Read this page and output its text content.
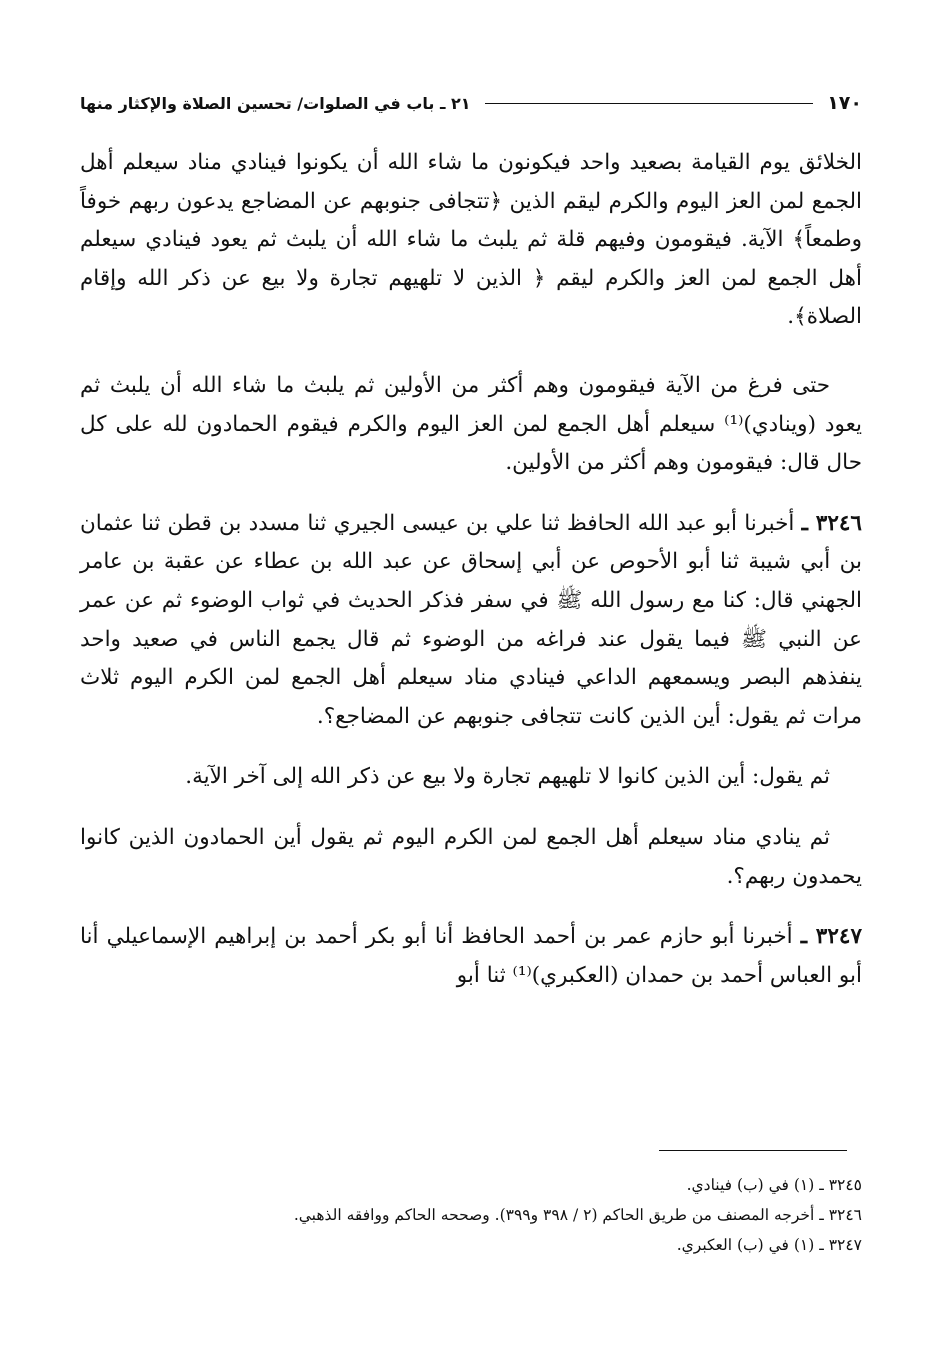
١٧٠
٢١ ـ باب في الصلوات/ تحسين الصلاة والإكثار منها

الخلائق يوم القيامة بصعيد واحد فيكونون ما شاء الله أن يكونوا فينادي مناد سيعلم أهل الجمع لمن العز اليوم والكرم ليقم الذين ﴿تتجافى جنوبهم عن المضاجع يدعون ربهم خوفاً وطمعاً﴾ الآية. فيقومون وفيهم قلة ثم يلبث ما شاء الله أن يلبث ثم يعود فينادي سيعلم أهل الجمع لمن العز والكرم ليقم ﴿ الذين لا تلهيهم تجارة ولا بيع عن ذكر الله وإقام الصلاة﴾.

حتى فرغ من الآية فيقومون وهم أكثر من الأولين ثم يلبث ما شاء الله أن يلبث ثم يعود (وينادي)⁽¹⁾ سيعلم أهل الجمع لمن العز اليوم والكرم فيقوم الحمادون لله على كل حال قال: فيقومون وهم أكثر من الأولين.

٣٢٤٦ ـ أخبرنا أبو عبد الله الحافظ ثنا علي بن عيسى الجيري ثنا مسدد بن قطن ثنا عثمان بن أبي شيبة ثنا أبو الأحوص عن أبي إسحاق عن عبد الله بن عطاء عن عقبة بن عامر الجهني قال: كنا مع رسول الله ﷺ في سفر فذكر الحديث في ثواب الوضوء ثم عن عمر عن النبي ﷺ فيما يقول عند فراغه من الوضوء ثم قال يجمع الناس في صعيد واحد ينفذهم البصر ويسمعهم الداعي فينادي مناد سيعلم أهل الجمع لمن الكرم اليوم ثلاث مرات ثم يقول: أين الذين كانت تتجافى جنوبهم عن المضاجع؟.

ثم يقول: أين الذين كانوا لا تلهيهم تجارة ولا بيع عن ذكر الله إلى آخر الآية.

ثم ينادي مناد سيعلم أهل الجمع لمن الكرم اليوم ثم يقول أين الحمادون الذين كانوا يحمدون ربهم؟.

٣٢٤٧ ـ أخبرنا أبو حازم عمر بن أحمد الحافظ أنا أبو بكر أحمد بن إبراهيم الإسماعيلي أنا أبو العباس أحمد بن حمدان (العكبري)⁽¹⁾ ثنا أبو

٣٢٤٥ ـ (١) في (ب) فينادي.

٣٢٤٦ ـ أخرجه المصنف من طريق الحاكم (٢ / ٣٩٨ و٣٩٩). وصححه الحاكم ووافقه الذهبي.

٣٢٤٧ ـ (١) في (ب) العكبري.
